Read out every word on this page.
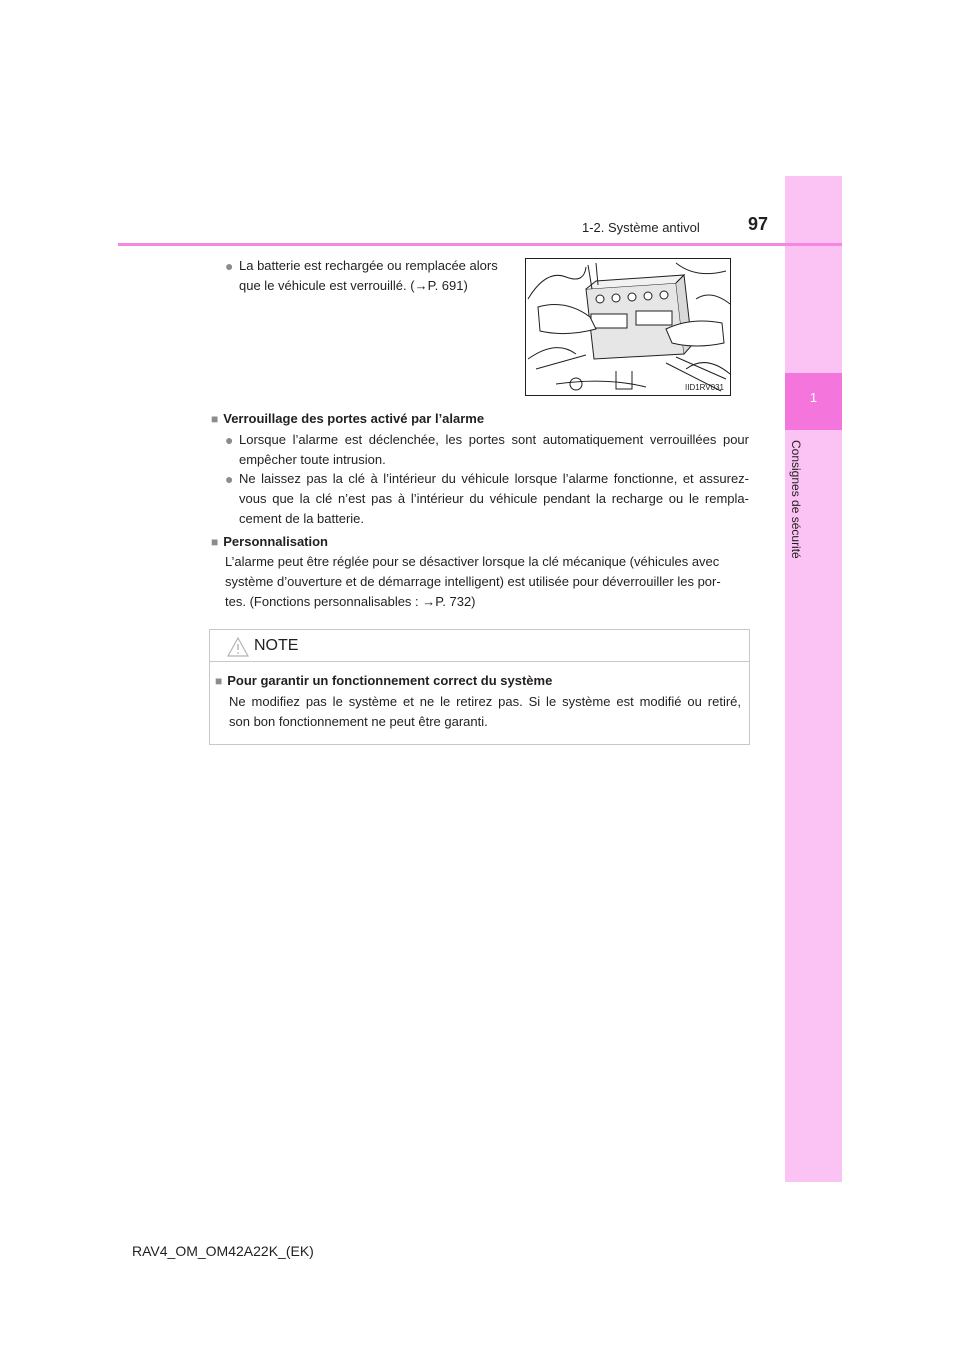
1
Consignes de sécurité
1-2. Système antivol	97
● La batterie est rechargée ou remplacée alors
que le véhicule est verrouillé. (→P. 691)
IID1RV031
■ Verrouillage des portes activé par l’alarme
● Lorsque l’alarme est déclenchée, les portes sont automatiquement verrouillées pour
empêcher toute intrusion.
● Ne laissez pas la clé à l’intérieur du véhicule lorsque l’alarme fonctionne, et assurez-
vous que la clé n’est pas à l’intérieur du véhicule pendant la recharge ou le rempla-
cement de la batterie.
■ Personnalisation
L’alarme peut être réglée pour se désactiver lorsque la clé mécanique (véhicules avec
système d’ouverture et de démarrage intelligent) est utilisée pour déverrouiller les por-
tes. (Fonctions personnalisables : →P. 732)
NOTE
■ Pour garantir un fonctionnement correct du système
Ne modifiez pas le système et ne le retirez pas. Si le système est modifié ou retiré,
son bon fonctionnement ne peut être garanti.
RAV4_OM_OM42A22K_(EK)
